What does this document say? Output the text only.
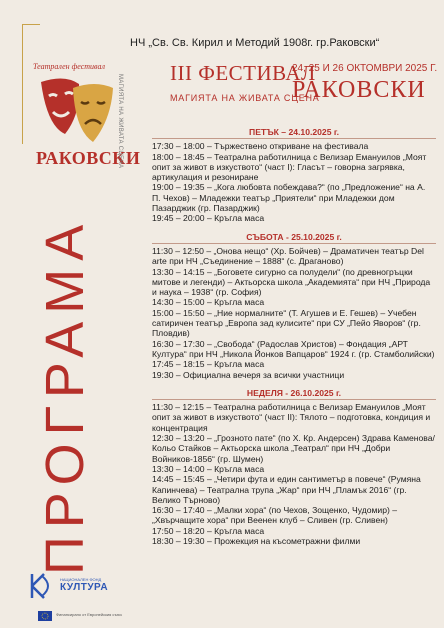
НЧ „Св. Св. Кирил и Методий 1908г. гр.Раковски“
III ФЕСТИВАЛ
МАГИЯТА НА ЖИВАТА СЦЕНА
24, 25 И 26 ОКТОМВРИ 2025 Г.
РАКОВСКИ
Театрален фестивал
РАКОВСКИ
МАГИЯТА НА ЖИВАТА СЦЕНА
ПРОГРАМА
НАЦИОНАЛЕН ФОНД
КУЛТУРА
Финансирано от Европейския съюз
ПЕТЪК – 24.10.2025 г.

17:30 – 18:00 – Тържествено откриване на фестивала

18:00 – 18:45 – Театрална работилница с Велизар Емануилов „Моят опит за живот в изкуството“ (част I): Гласът – говорна загрявка, артикулация и резониране

19:00 – 19:35 – „Кога любовта побеждава?“ (по „Предложение“ на А. П. Чехов) – Младежки театър „Приятели“ при Младежки дом Пазарджик (гр. Пазарджик)

19:45 – 20:00 – Кръгла маса

СЪБОТА - 25.10.2025 г.

11:30 – 12:50 – „Онова нещо“ (Хр. Бойчев) – Драматичен театър Del arte при НЧ „Съединение – 1888“ (с. Драганово)

13:30 – 14:15 – „Боговете сигурно са полудели“ (по древногръцки митове и легенди) – Актьорска школа „Академията“ при НЧ „Природа и наука – 1938“ (гр. София)

14:30 – 15:00 – Кръгла маса

15:00 – 15:50 – „Ние нормалните“ (Т. Агушев и Е. Гешев) – Учебен сатиричен театър „Европа зад кулисите“ при СУ „Пейо Яворов“ (гр. Пловдив)

16:30 – 17:30 – „Свобода“ (Радослав Христов) – Фондация „АРТ Култура“ при НЧ „Никола Йонков Вапцаров“ 1924 г. (гр. Стамболийски)

17:45 – 18:15 – Кръгла маса

19:30 – Официална вечеря за всички участници

НЕДЕЛЯ - 26.10.2025 г.

11:30 – 12:15 – Театрална работилница с Велизар Емануилов „Моят опит за живот в изкуството“ (част II): Тялото – подготовка, кондиция и концентрация

12:30 – 13:20 – „Грозното пате“ (по Х. Кр. Андерсен) Здрава Каменова/ Кольо Стайков – Актьорска школа „Театрал“ при НЧ „Добри Войников-1856“ (гр. Шумен)

13:30 – 14:00 – Кръгла маса

14:45 – 15:45 – „Четири фута и един сантиметър в повече“ (Румяна Капинчева) – Театрална трупа „Жар“ при НЧ „Пламък 2016“ (гр. Велико Търново)

16:30 – 17:40 – „Малки хора“ (по Чехов, Зощенко, Чудомир) – „Хвърчащите хора“ при Веенен клуб – Сливен (гр. Сливен)

17:50 – 18:20 – Кръгла маса

18:30 – 19:30 – Прожекция на късометражни филми
